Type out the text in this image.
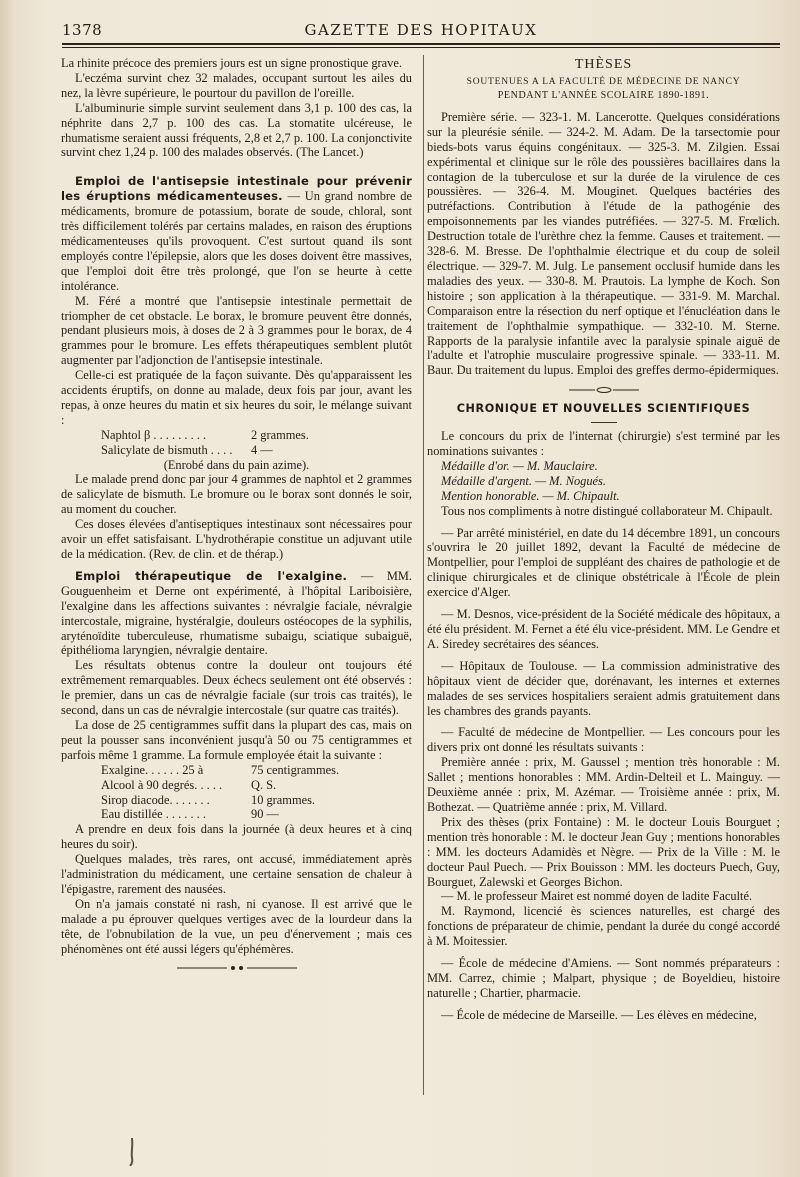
1378	GAZETTE DES HOPITAUX

La rhinite précoce des premiers jours est un signe pronostique grave.

L'eczéma survint chez 32 malades, occupant surtout les ailes du nez, la lèvre supérieure, le pourtour du pavillon de l'oreille.

L'albuminurie simple survint seulement dans 3,1 p. 100 des cas, la néphrite dans 2,7 p. 100 des cas. La stomatite ulcéreuse, le rhumatisme seraient aussi fréquents, 2,8 et 2,7 p. 100. La conjonctivite survint chez 1,24 p. 100 des malades observés. (The Lancet.)

Emploi de l'antisepsie intestinale pour prévenir les éruptions médicamenteuses. — Un grand nombre de médicaments, bromure de potassium, borate de soude, chloral, sont très difficilement tolérés par certains malades, en raison des éruptions médicamenteuses qu'ils provoquent. C'est surtout quand ils sont employés contre l'épilepsie, alors que les doses doivent être massives, que l'emploi doit être très prolongé, que l'on se heurte à cette intolérance.

M. Féré a montré que l'antisepsie intestinale permettait de triompher de cet obstacle. Le borax, le bromure peuvent être donnés, pendant plusieurs mois, à doses de 2 à 3 grammes pour le borax, de 4 grammes pour le bromure. Les effets thérapeutiques semblent plutôt augmenter par l'adjonction de l'antisepsie intestinale.

Celle-ci est pratiquée de la façon suivante. Dès qu'apparaissent les accidents éruptifs, on donne au malade, deux fois par jour, avant les repas, à onze heures du matin et six heures du soir, le mélange suivant :

Naphtol β . . . . . . . . .	2 grammes.
Salicylate de bismuth . . . .	4 —

(Enrobé dans du pain azime).

Le malade prend donc par jour 4 grammes de naphtol et 2 grammes de salicylate de bismuth. Le bromure ou le borax sont donnés le soir, au moment du coucher.

Ces doses élevées d'antiseptiques intestinaux sont nécessaires pour avoir un effet satisfaisant. L'hydrothérapie constitue un adjuvant utile de la médication. (Rev. de clin. et de thérap.)

Emploi thérapeutique de l'exalgine. — MM. Gouguenheim et Derne ont expérimenté, à l'hôpital Lariboisière, l'exalgine dans les affections suivantes : névralgie faciale, névralgie intercostale, migraine, hystéralgie, douleurs ostéocopes de la syphilis, aryténoïdite tuberculeuse, rhumatisme subaigu, sciatique subaiguë, épithélioma laryngien, névralgie dentaire.

Les résultats obtenus contre la douleur ont toujours été extrêmement remarquables. Deux échecs seulement ont été observés : le premier, dans un cas de névralgie faciale (sur trois cas traités), le second, dans un cas de névralgie intercostale (sur quatre cas traités).

La dose de 25 centigrammes suffit dans la plupart des cas, mais on peut la pousser sans inconvénient jusqu'à 50 ou 75 centigrammes et parfois même 1 gramme. La formule employée était la suivante :

Exalgine. . . . . . 25 à	75 centigrammes.
Alcool à 90 degrés. . . . .	Q. S.
Sirop diacode. . . . . . .	10 grammes.
Eau distillée . . . . . . .	90 —

A prendre en deux fois dans la journée (à deux heures et à cinq heures du soir).

Quelques malades, très rares, ont accusé, immédiatement après l'administration du médicament, une certaine sensation de chaleur à l'épigastre, rarement des nausées.

On n'a jamais constaté ni rash, ni cyanose. Il est arrivé que le malade a pu éprouver quelques vertiges avec de la lourdeur dans la tête, de l'obnubilation de la vue, un peu d'énervement ; mais ces phénomènes ont été aussi légers qu'éphémères.

THÈSES
SOUTENUES A LA FACULTÉ DE MÉDECINE DE NANCY
PENDANT L'ANNÉE SCOLAIRE 1890-1891.

Première série. — 323-1. M. Lancerotte. Quelques considérations sur la pleurésie sénile. — 324-2. M. Adam. De la tarsectomie pour bieds-bots varus équins congénitaux. — 325-3. M. Zilgien. Essai expérimental et clinique sur le rôle des poussières bacillaires dans la contagion de la tuberculose et sur la durée de la virulence de ces poussières. — 326-4. M. Mouginet. Quelques bactéries des putréfactions. Contribution à l'étude de la pathogénie des empoisonnements par les viandes putréfiées. — 327-5. M. Frœlich. Destruction totale de l'urèthre chez la femme. Causes et traitement. — 328-6. M. Bresse. De l'ophthalmie électrique et du coup de soleil électrique. — 329-7. M. Julg. Le pansement occlusif humide dans les maladies des yeux. — 330-8. M. Prautois. La lymphe de Koch. Son histoire ; son application à la thérapeutique. — 331-9. M. Marchal. Comparaison entre la résection du nerf optique et l'énucléation dans le traitement de l'ophthalmie sympathique. — 332-10. M. Sterne. Rapports de la paralysie infantile avec la paralysie spinale aiguë de l'adulte et l'atrophie musculaire progressive spinale. — 333-11. M. Baur. Du traitement du lupus. Emploi des greffes dermo-épidermiques.

CHRONIQUE ET NOUVELLES SCIENTIFIQUES

Le concours du prix de l'internat (chirurgie) s'est terminé par les nominations suivantes :

Médaille d'or. — M. Mauclaire.

Médaille d'argent. — M. Nogués.

Mention honorable. — M. Chipault.

Tous nos compliments à notre distingué collaborateur M. Chipault.

— Par arrêté ministériel, en date du 14 décembre 1891, un concours s'ouvrira le 20 juillet 1892, devant la Faculté de médecine de Montpellier, pour l'emploi de suppléant des chaires de pathologie et de clinique chirurgicales et de clinique obstétricale à l'École de plein exercice d'Alger.

— M. Desnos, vice-président de la Société médicale des hôpitaux, a été élu président. M. Fernet a été élu vice-président. MM. Le Gendre et A. Siredey secrétaires des séances.

— Hôpitaux de Toulouse. — La commission administrative des hôpitaux vient de décider que, dorénavant, les internes et externes malades de ses services hospitaliers seraient admis gratuitement dans les chambres des grands payants.

— Faculté de médecine de Montpellier. — Les concours pour les divers prix ont donné les résultats suivants :

Première année : prix, M. Gaussel ; mention très honorable : M. Sallet ; mentions honorables : MM. Ardin-Delteil et L. Mainguy. — Deuxième année : prix, M. Azémar. — Troisième année : prix, M. Bothezat. — Quatrième année : prix, M. Villard.

Prix des thèses (prix Fontaine) : M. le docteur Louis Bourguet ; mention très honorable : M. le docteur Jean Guy ; mentions honorables : MM. les docteurs Adamidès et Nègre. — Prix de la Ville : M. le docteur Paul Puech. — Prix Bouisson : MM. les docteurs Puech, Guy, Bourguet, Zalewski et Georges Bichon.

— M. le professeur Mairet est nommé doyen de ladite Faculté.

M. Raymond, licencié ès sciences naturelles, est chargé des fonctions de préparateur de chimie, pendant la durée du congé accordé à M. Moitessier.

— École de médecine d'Amiens. — Sont nommés préparateurs : MM. Carrez, chimie ; Malpart, physique ; de Boyeldieu, histoire naturelle ; Chartier, pharmacie.

— École de médecine de Marseille. — Les élèves en médecine,
